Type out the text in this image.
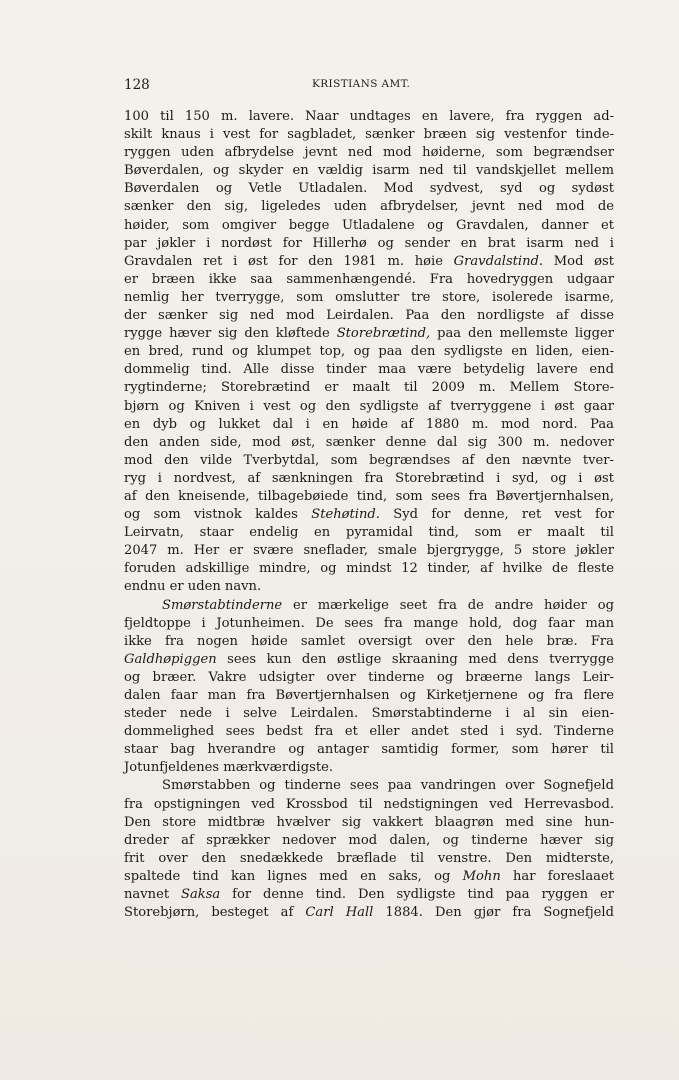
128	KRISTIANS AMT.
100 til 150 m. lavere. Naar undtages en lavere, fra ryggen ad-
skilt knaus i vest for sagbladet, sænker bræen sig vestenfor tinde-
ryggen uden afbrydelse jevnt ned mod høiderne, som begrændser
Bøverdalen, og skyder en vældig isarm ned til vandskjellet mellem
Bøverdalen og Vetle Utladalen. Mod sydvest, syd og sydøst
sænker den sig, ligeledes uden afbrydelser, jevnt ned mod de
høider, som omgiver begge Utladalene og Gravdalen, danner et
par jøkler i nordøst for Hillerhø og sender en brat isarm ned i
Gravdalen ret i øst for den 1981 m. høie Gravdalstind. Mod øst
er bræen ikke saa sammenhængendé. Fra hovedryggen udgaar
nemlig her tverrygge, som omslutter tre store, isolerede isarme,
der sænker sig ned mod Leirdalen. Paa den nordligste af disse
rygge hæver sig den kløftede Storebrætind, paa den mellemste ligger
en bred, rund og klumpet top, og paa den sydligste en liden, eien-
dommelig tind. Alle disse tinder maa være betydelig lavere end
rygtinderne; Storebrætind er maalt til 2009 m. Mellem Store-
bjørn og Kniven i vest og den sydligste af tverryggene i øst gaar
en dyb og lukket dal i en høide af 1880 m. mod nord. Paa
den anden side, mod øst, sænker denne dal sig 300 m. nedover
mod den vilde Tverbytdal, som begrændses af den nævnte tver-
ryg i nordvest, af sænkningen fra Storebrætind i syd, og i øst
af den kneisende, tilbagebøiede tind, som sees fra Bøvertjernhalsen,
og som vistnok kaldes Stehøtind. Syd for denne, ret vest for
Leirvatn, staar endelig en pyramidal tind, som er maalt til
2047 m. Her er svære sneflader, smale bjergrygge, 5 store jøkler
foruden adskillige mindre, og mindst 12 tinder, af hvilke de fleste
endnu er uden navn.
Smørstabtinderne er mærkelige seet fra de andre høider og
fjeldtoppe i Jotunheimen. De sees fra mange hold, dog faar man
ikke fra nogen høide samlet oversigt over den hele bræ. Fra
Galdhøpiggen sees kun den østlige skraaning med dens tverrygge
og bræer. Vakre udsigter over tinderne og bræerne langs Leir-
dalen faar man fra Bøvertjernhalsen og Kirketjernene og fra flere
steder nede i selve Leirdalen. Smørstabtinderne i al sin eien-
dommelighed sees bedst fra et eller andet sted i syd. Tinderne
staar bag hverandre og antager samtidig former, som hører til
Jotunfjeldenes mærkværdigste.
Smørstabben og tinderne sees paa vandringen over Sognefjeld
fra opstigningen ved Krossbod til nedstigningen ved Herrevasbod.
Den store midtbræ hvælver sig vakkert blaagrøn med sine hun-
dreder af sprækker nedover mod dalen, og tinderne hæver sig
frit over den snedækkede bræflade til venstre. Den midterste,
spaltede tind kan lignes med en saks, og Mohn har foreslaaet
navnet Saksa for denne tind. Den sydligste tind paa ryggen er
Storebjørn, besteget af Carl Hall 1884. Den gjør fra Sognefjeld
